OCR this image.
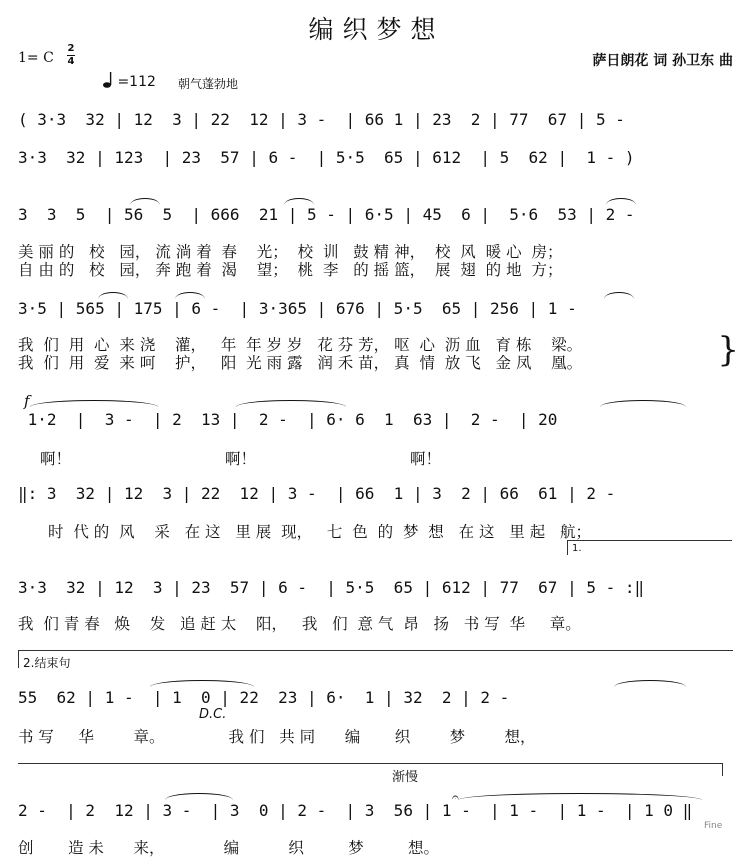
编织梦想
1= C
2
4
=112 朝气蓬勃地
萨日朗花 词 孙卫东 曲
( 3·3  32 | 12  3 | 22  12 | 3 -  | 66 1 | 23  2 | 77  67 | 5 -
3·3  32 | 123  | 23  57 | 6 -  | 5·5  65 | 612  | 5  62 |  1 - )
3  3  5  | 56  5  | 666  21 | 5 - | 6·5 | 45  6 |  5·6  53 | 2 -
美 丽 的   校   园， 流 淌 着  春    光；  校  训   鼓 精 神，  校  风  暖 心  房；
自 由 的   校   园， 奔 跑 着  渴    望；  桃  李   的 摇 篮，  展  翅  的 地  方；
3·5 | 565 | 175 | 6 -  | 3·365 | 676 | 5·5  65 | 256 | 1 -
我  们  用  心  来 浇    灌，   年  年 岁 岁   花 芬 芳， 呕  心  沥 血   育 栋    梁。
我  们  用  爱  来 呵    护，   阳  光 雨 露   润 禾 苗， 真  情  放 飞   金 凤    凰。	}
f
1·2  |  3 -  | 2  13 |  2 -  | 6· 6  1  63 |  2 -  | 20
啊！	啊！	啊！
‖: 3  32 | 12  3 | 22  12 | 3 -  | 66  1 | 3  2 | 66  61 | 2 -
时  代 的  风    采   在 这   里 展  现，   七  色  的  梦  想   在 这   里 起   航；
1.
3·3  32 | 12  3 | 23  57 | 6 -  | 5·5  65 | 612 | 77  67 | 5 - :‖
我  们 青 春   焕    发   追 赶 太    阳，   我   们  意 气  昂   扬   书 写  华     章。
2.结束句
55  62 | 1 -  | 1  0 | 22  23 | 6·  1 | 32  2 | 2 -
D.C.
书 写     华        章。             我 们   共 同      编       织        梦        想，
渐慢
𝄐
2 -  | 2  12 | 3 -  | 3  0 | 2 -  | 3  56 | 1 -  | 1 -  | 1 -  | 1 0 ‖
创       造 未      来，            编          织         梦         想。
Fine
